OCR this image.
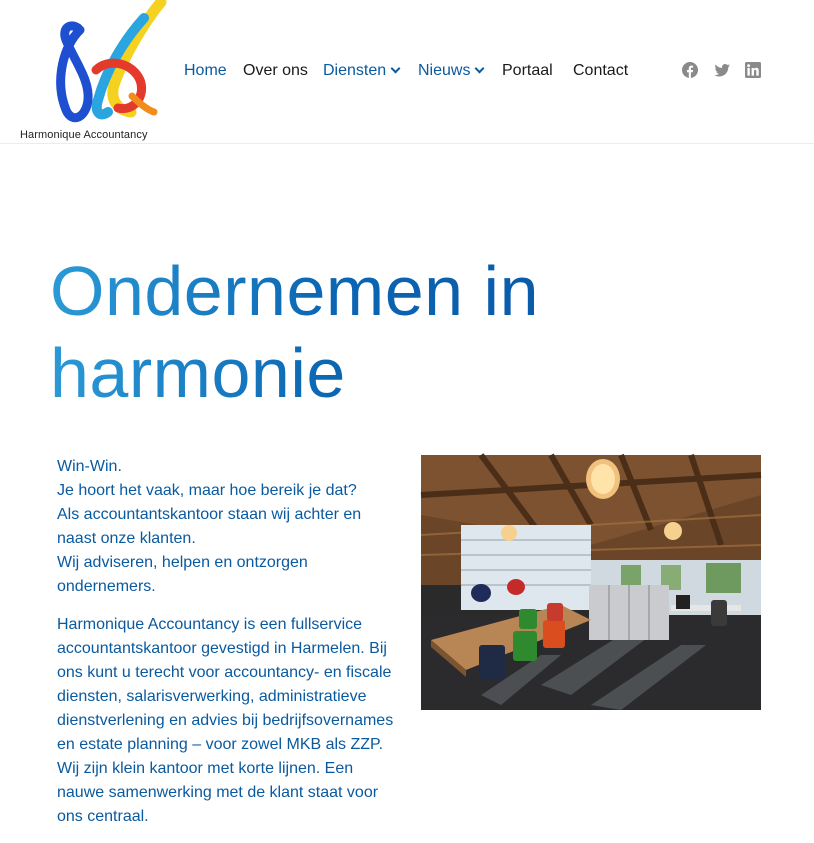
Harmonique Accountancy
Home Over ons Diensten	Nieuws	Portaal Contact
Ondernemen in
harmonie

Win-Win.
Je hoort het vaak, maar hoe bereik je dat?
Als accountantskantoor staan wij achter en naast onze klanten.
Wij adviseren, helpen en ontzorgen ondernemers.

Harmonique Accountancy is een fullservice accountantskantoor gevestigd in Harmelen. Bij ons kunt u terecht voor accountancy- en fiscale diensten, salarisverwerking, administratieve dienstverlening en advies bij bedrijfsovernames en estate planning – voor zowel MKB als ZZP. Wij zijn klein kantoor met korte lijnen. Een nauwe samenwerking met de klant staat voor ons centraal.
